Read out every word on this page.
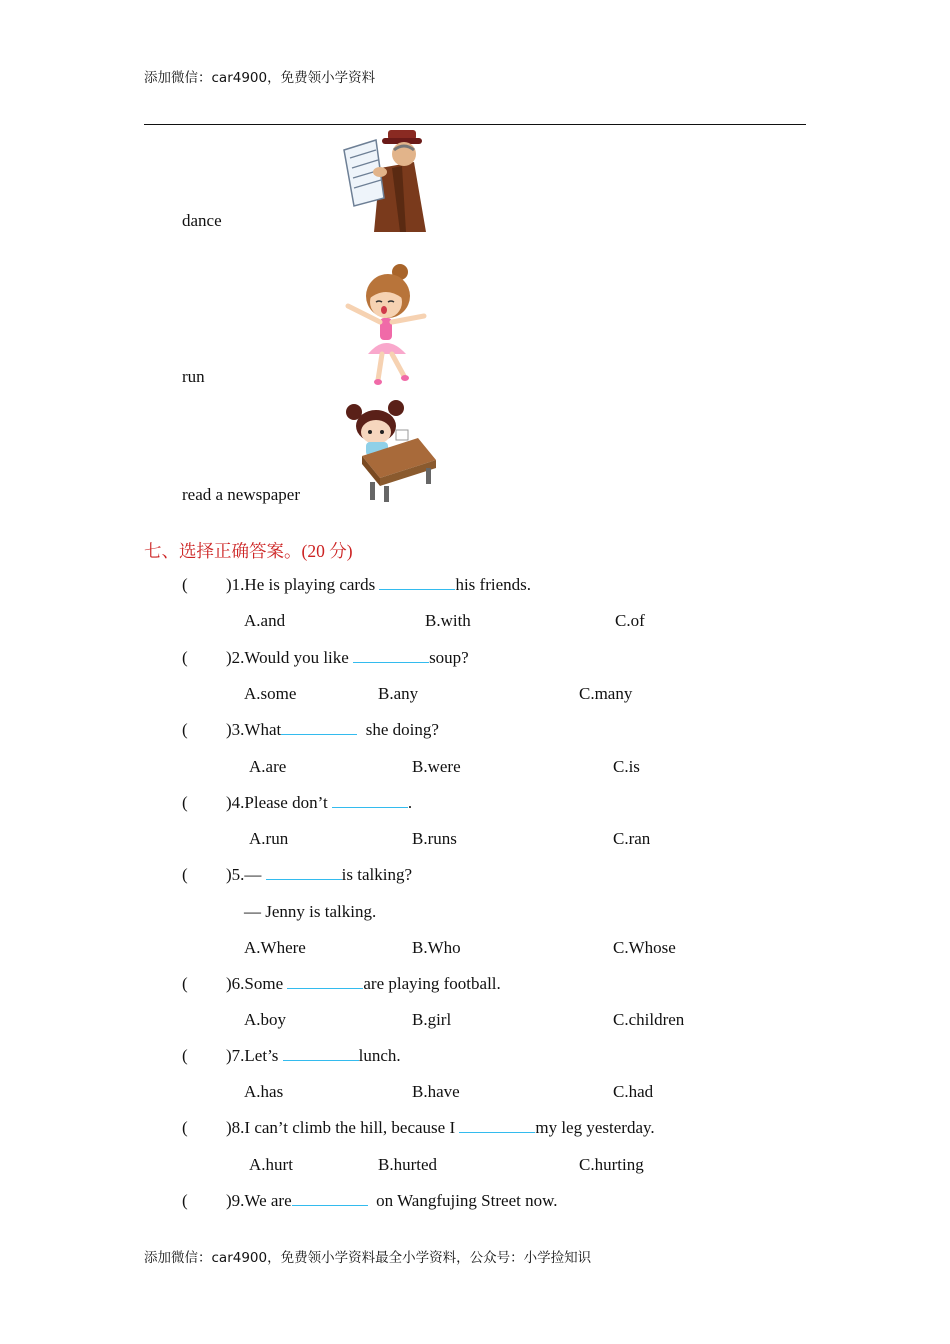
添加微信：car4900，免费领小学资料
dance
run
read a newspaper
七、选择正确答案。(20 分)
( )1.He is playing cards	his friends.
A.and	B.with	C.of
( )2.Would you like	soup?
A.some	B.any	C.many
( )3.What	she doing?
A.are	B.were	C.is
( )4.Please don’t	.
A.run	B.runs	C.ran
( )5.—	is talking?
— Jenny is talking.
A.Where	B.Who	C.Whose
( )6.Some	are playing football.
A.boy	B.girl	C.children
( )7.Let’s	lunch.
A.has	B.have	C.had
( )8.I can’t climb the hill, because I	my leg yesterday.
A.hurt	B.hurted	C.hurting
( )9.We are	on Wangfujing Street now.
添加微信：car4900，免费领小学资料最全小学资料，公众号：小学捡知识
